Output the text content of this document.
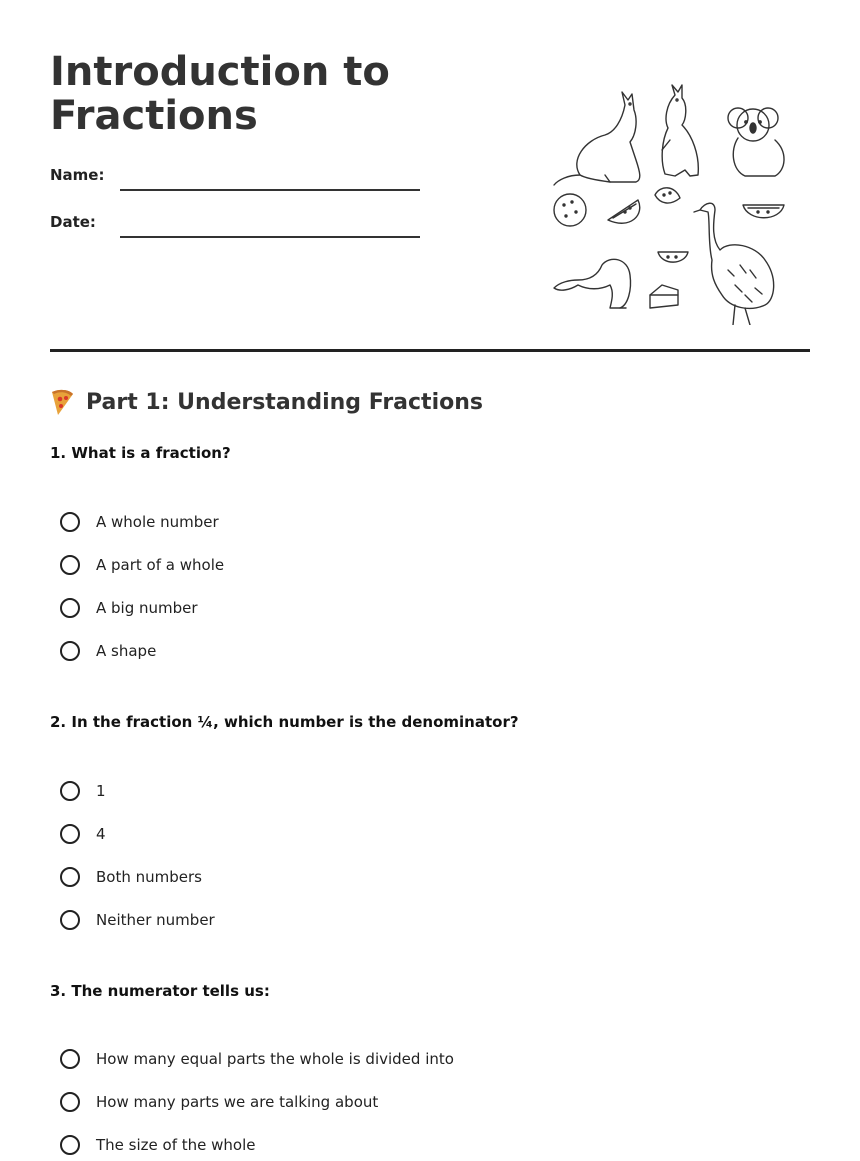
Introduction to Fractions
Name:
Date:
Part 1: Understanding Fractions

1. What is a fraction?

A whole number
A part of a whole
A big number
A shape

2. In the fraction ¼, which number is the denominator?

1
4
Both numbers
Neither number

3. The numerator tells us:

How many equal parts the whole is divided into
How many parts we are talking about
The size of the whole
